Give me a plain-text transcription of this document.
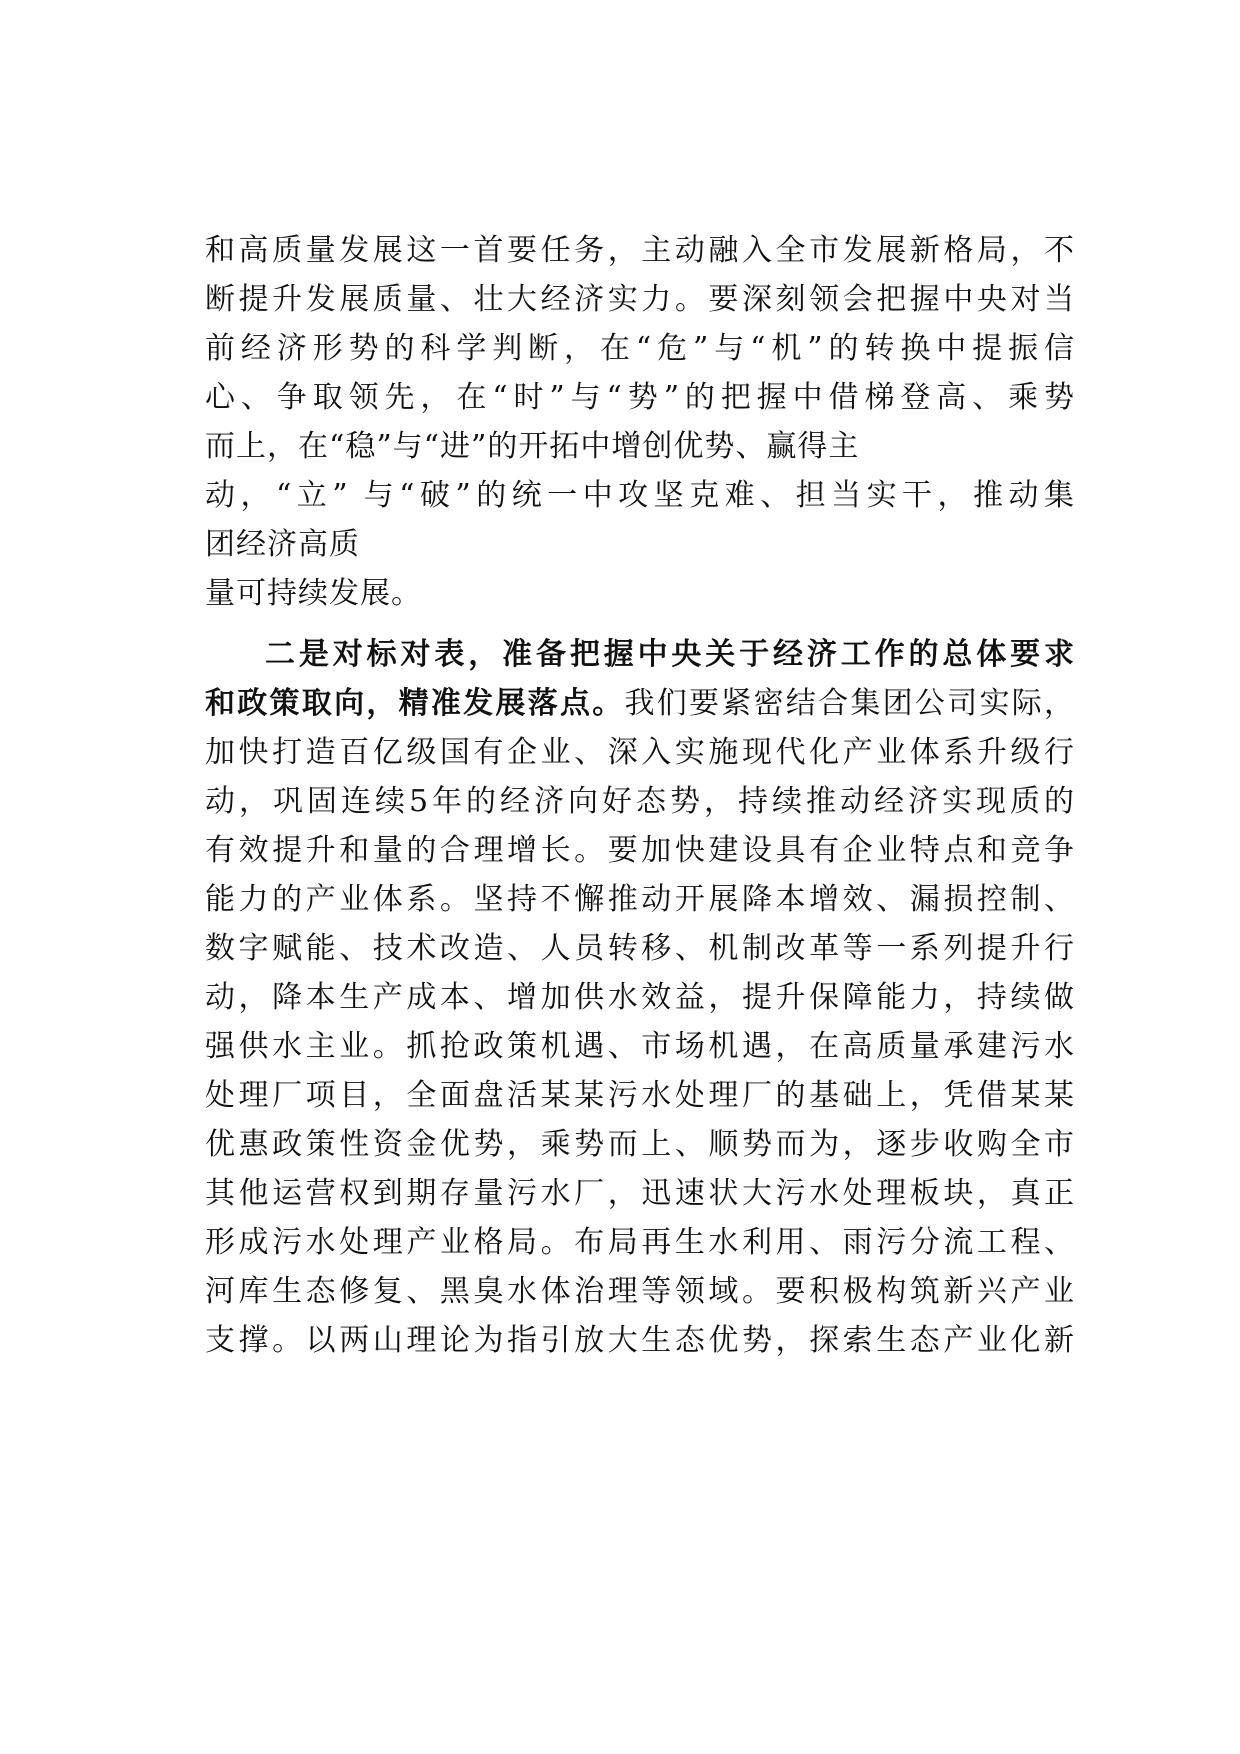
和高质量发展这一首要任务，主动融入全市发展新格局，不
断提升发展质量、壮大经济实力。要深刻领会把握中央对当
前经济形势的科学判断，在“危”与“机”的转换中提振信
心、争取领先，在“时”与“势”的把握中借梯登高、乘势
而上，在“稳”与“进”的开拓中增创优势、赢得主
动，“立” 与“破”的统一中攻坚克难、担当实干，推动集
团经济高质
量可持续发展。
二是对标对表，准备把握中央关于经济工作的总体要求
和政策取向，精准发展落点。我们要紧密结合集团公司实际，
加快打造百亿级国有企业、深入实施现代化产业体系升级行
动，巩固连续5年的经济向好态势，持续推动经济实现质的
有效提升和量的合理增长。要加快建设具有企业特点和竞争
能力的产业体系。坚持不懈推动开展降本增效、漏损控制、
数字赋能、技术改造、人员转移、机制改革等一系列提升行
动，降本生产成本、增加供水效益，提升保障能力，持续做
强供水主业。抓抢政策机遇、市场机遇，在高质量承建污水
处理厂项目，全面盘活某某污水处理厂的基础上，凭借某某
优惠政策性资金优势，乘势而上、顺势而为，逐步收购全市
其他运营权到期存量污水厂，迅速状大污水处理板块，真正
形成污水处理产业格局。布局再生水利用、雨污分流工程、
河库生态修复、黑臭水体治理等领域。要积极构筑新兴产业
支撑。以两山理论为指引放大生态优势，探索生态产业化新
